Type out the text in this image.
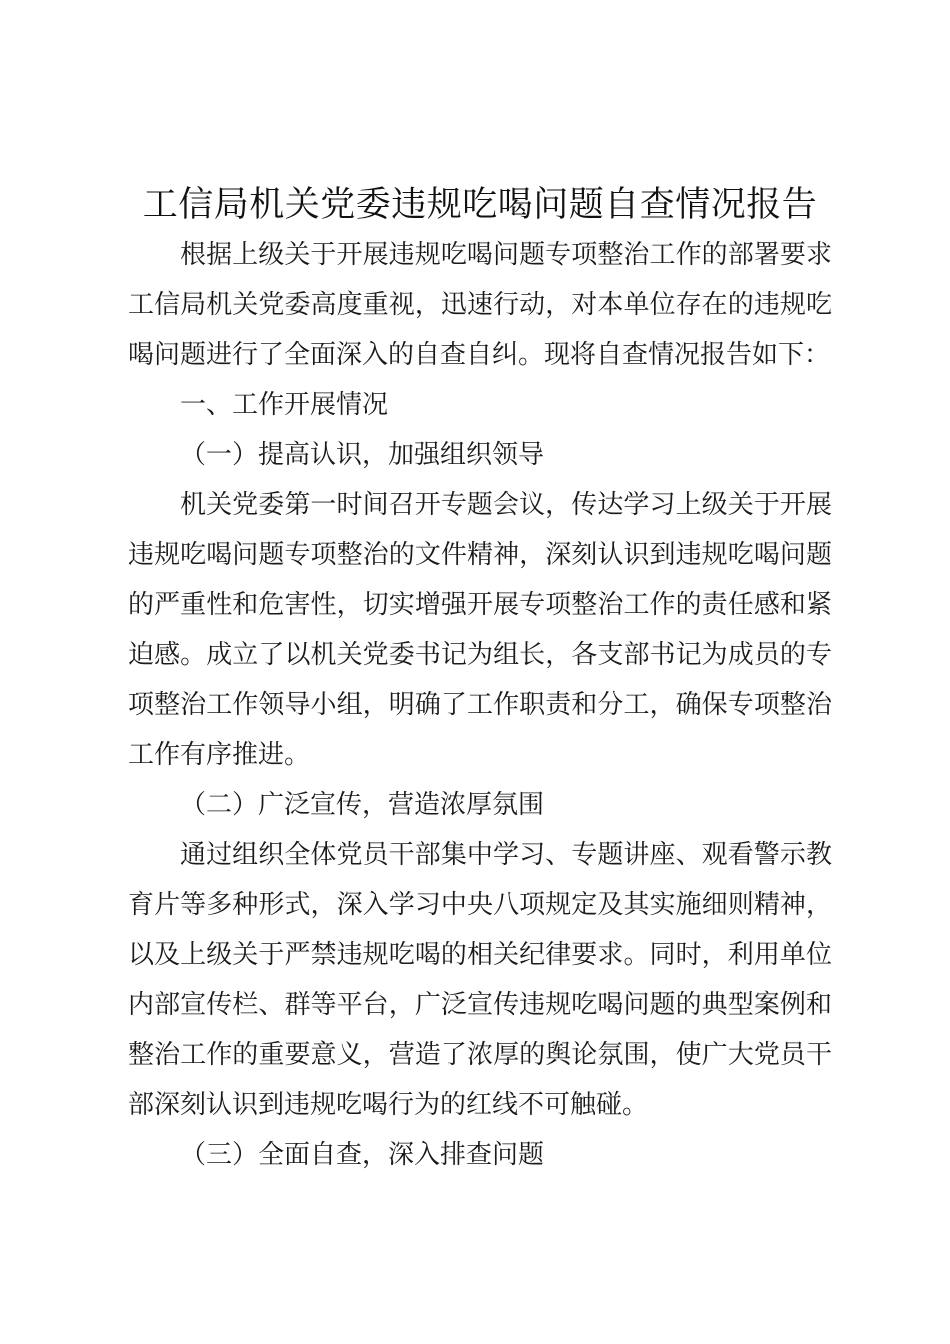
工信局机关党委违规吃喝问题自查情况报告

根据上级关于开展违规吃喝问题专项整治工作的部署要求工信局机关党委高度重视，迅速行动，对本单位存在的违规吃喝问题进行了全面深入的自查自纠。现将自查情况报告如下：

一、工作开展情况

（一）提高认识，加强组织领导

机关党委第一时间召开专题会议，传达学习上级关于开展违规吃喝问题专项整治的文件精神，深刻认识到违规吃喝问题的严重性和危害性，切实增强开展专项整治工作的责任感和紧迫感。成立了以机关党委书记为组长，各支部书记为成员的专项整治工作领导小组，明确了工作职责和分工，确保专项整治工作有序推进。

（二）广泛宣传，营造浓厚氛围

通过组织全体党员干部集中学习、专题讲座、观看警示教育片等多种形式，深入学习中央八项规定及其实施细则精神，以及上级关于严禁违规吃喝的相关纪律要求。同时，利用单位内部宣传栏、群等平台，广泛宣传违规吃喝问题的典型案例和整治工作的重要意义，营造了浓厚的舆论氛围，使广大党员干部深刻认识到违规吃喝行为的红线不可触碰。

（三）全面自查，深入排查问题
